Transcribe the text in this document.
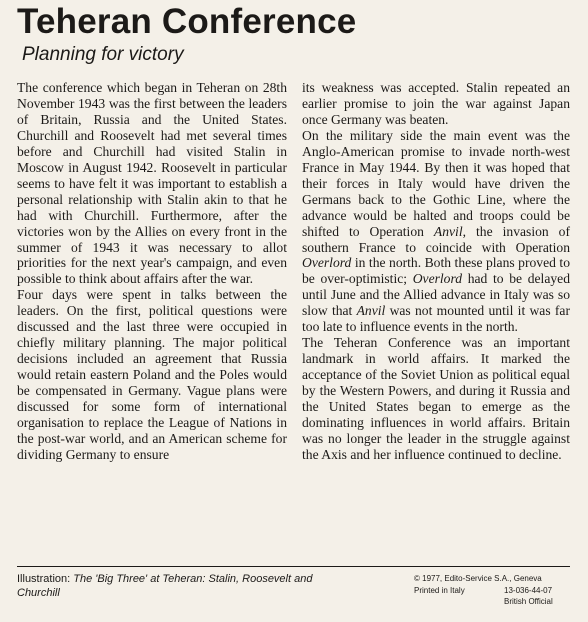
Teheran Conference
Planning for victory

The conference which began in Teheran on 28th November 1943 was the first between the leaders of Britain, Russia and the United States. Churchill and Roosevelt had met several times before and Churchill had visited Stalin in Moscow in August 1942. Roosevelt in particular seems to have felt it was important to establish a personal relationship with Stalin akin to that he had with Churchill. Furthermore, after the victories won by the Allies on every front in the summer of 1943 it was necessary to allot priorities for the next year's campaign, and even possible to think about affairs after the war.

Four days were spent in talks between the leaders. On the first, political questions were discussed and the last three were occupied in chiefly military planning. The major political decisions included an agreement that Russia would retain eastern Poland and the Poles would be compensated in Germany. Vague plans were discussed for some form of international organisation to replace the League of Nations in the post-war world, and an American scheme for dividing Germany to ensure

its weakness was accepted. Stalin repeated an earlier promise to join the war against Japan once Germany was beaten.

On the military side the main event was the Anglo-American promise to invade north-west France in May 1944. By then it was hoped that their forces in Italy would have driven the Germans back to the Gothic Line, where the advance would be halted and troops could be shifted to Operation Anvil, the invasion of southern France to coincide with Operation Overlord in the north. Both these plans proved to be over-optimistic; Overlord had to be delayed until June and the Allied advance in Italy was so slow that Anvil was not mounted until it was far too late to influence events in the north.

The Teheran Conference was an important landmark in world affairs. It marked the acceptance of the Soviet Union as political equal by the Western Powers, and during it Russia and the United States began to emerge as the dominating influences in world affairs. Britain was no longer the leader in the struggle against the Axis and her influence continued to decline.

Illustration: The 'Big Three' at Teheran: Stalin, Roosevelt and Churchill
© 1977, Edito-Service S.A., Geneva
Printed in Italy	13-036-44-07
British Official
